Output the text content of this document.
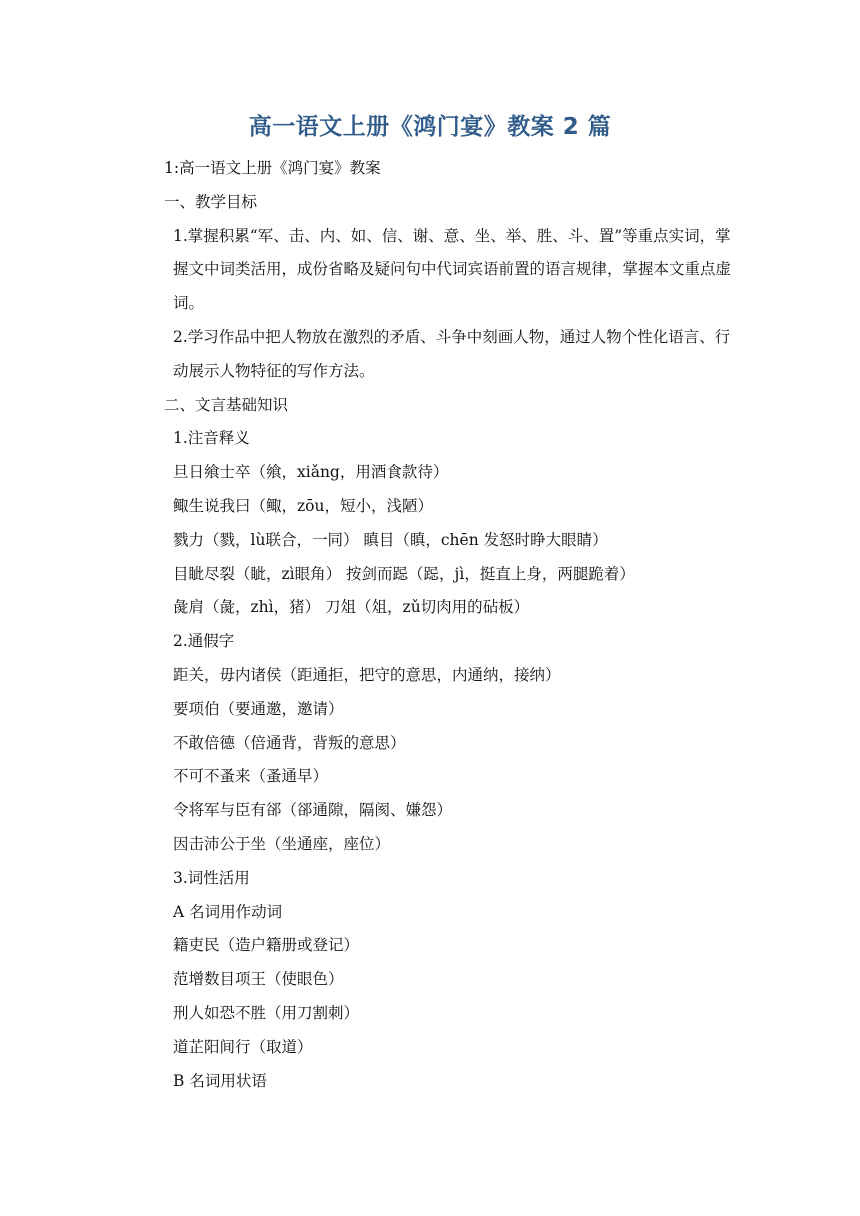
高一语文上册《鸿门宴》教案 2 篇

1:高一语文上册《鸿门宴》教案

一、教学目标

1.掌握积累“军、击、内、如、信、谢、意、坐、举、胜、斗、置”等重点实词，掌握文中词类活用，成份省略及疑问句中代词宾语前置的语言规律，掌握本文重点虚词。

2.学习作品中把人物放在激烈的矛盾、斗争中刻画人物，通过人物个性化语言、行动展示人物特征的写作方法。

二、文言基础知识

1.注音释义

旦日飨士卒（飨，xiǎng，用酒食款待）

鲰生说我曰（鲰，zōu，短小，浅陋）

戮力（戮，lù联合，一同） 瞋目（瞋，chēn 发怒时睁大眼睛）

目眦尽裂（眦，zì眼角） 按剑而跽（跽，jì，挺直上身，两腿跪着）

彘肩（彘，zhì，猪） 刀俎（俎，zǔ切肉用的砧板）

2.通假字

距关，毋内诸侯（距通拒，把守的意思，内通纳，接纳）

要项伯（要通邀，邀请）

不敢倍德（倍通背，背叛的意思）

不可不蚤来（蚤通早）

令将军与臣有郤（郤通隙，隔阂、嫌怨）

因击沛公于坐（坐通座，座位）

3.词性活用

A 名词用作动词

籍吏民（造户籍册或登记）

范增数目项王（使眼色）

刑人如恐不胜（用刀割刺）

道芷阳间行（取道）

B 名词用状语
